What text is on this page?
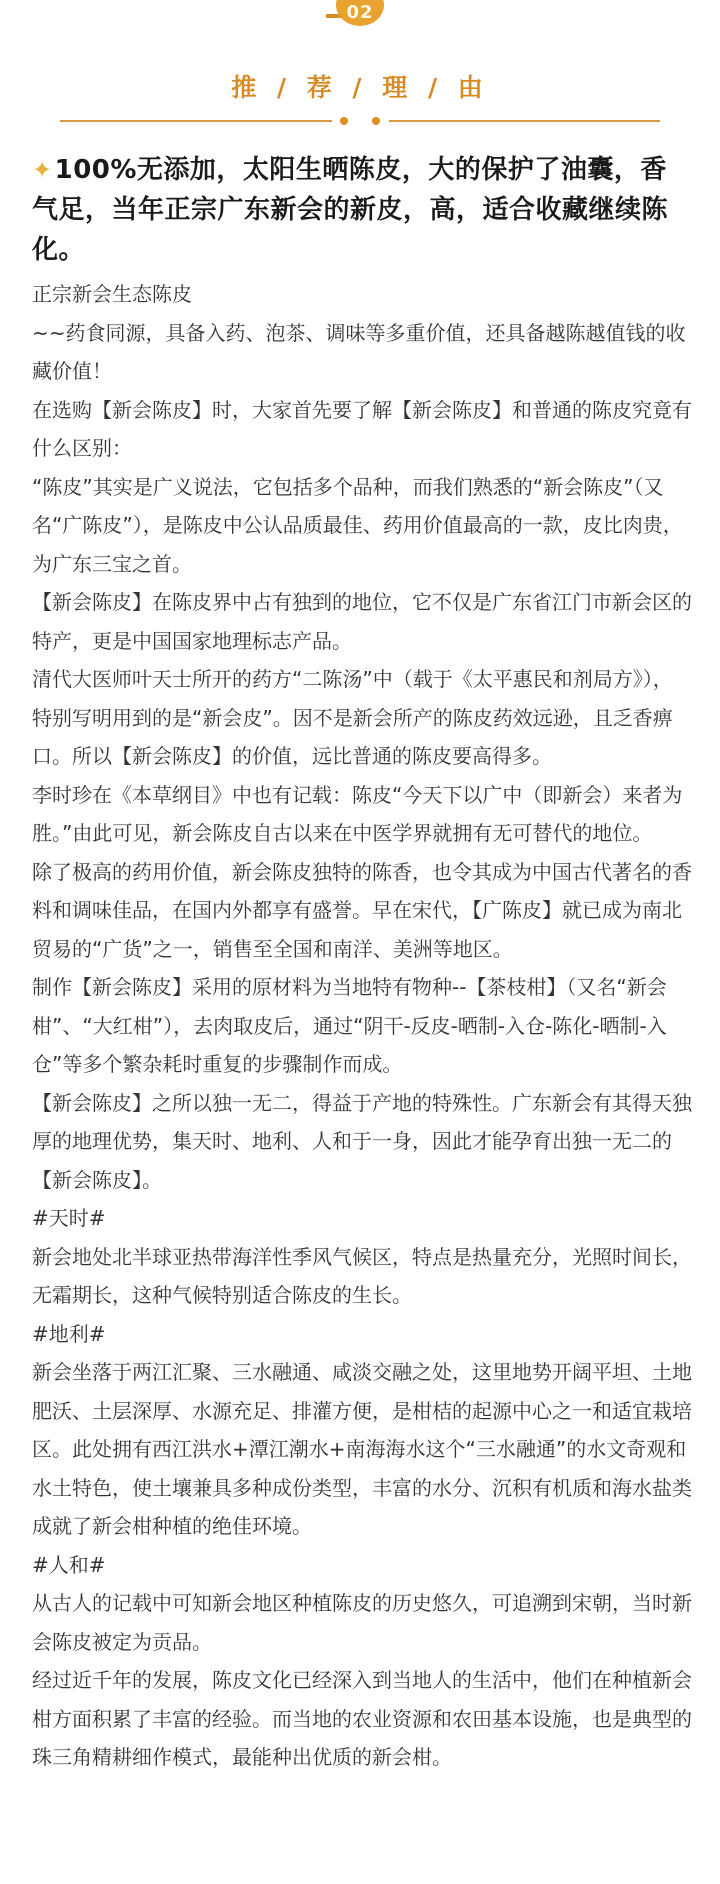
02
推 / 荐 / 理 / 由
✦100%无添加，太阳生晒陈皮，大的保护了油囊，香气足，当年正宗广东新会的新皮，高，适合收藏继续陈化。

正宗新会生态陈皮

~~药食同源，具备入药、泡茶、调味等多重价值，还具备越陈越值钱的收藏价值！

在选购【新会陈皮】时，大家首先要了解【新会陈皮】和普通的陈皮究竟有什么区别：

“陈皮”其实是广义说法，它包括多个品种，而我们熟悉的“新会陈皮”（又名“广陈皮”），是陈皮中公认品质最佳、药用价值最高的一款，皮比肉贵，为广东三宝之首。

【新会陈皮】在陈皮界中占有独到的地位，它不仅是广东省江门市新会区的特产，更是中国国家地理标志产品。

清代大医师叶天士所开的药方“二陈汤”中（载于《太平惠民和剂局方》），特别写明用到的是“新会皮”。因不是新会所产的陈皮药效远逊，且乏香痹口。所以【新会陈皮】的价值，远比普通的陈皮要高得多。

李时珍在《本草纲目》中也有记载：陈皮“今天下以广中（即新会）来者为胜。”由此可见，新会陈皮自古以来在中医学界就拥有无可替代的地位。

除了极高的药用价值，新会陈皮独特的陈香，也令其成为中国古代著名的香料和调味佳品，在国内外都享有盛誉。早在宋代，【广陈皮】就已成为南北贸易的“广货”之一，销售至全国和南洋、美洲等地区。

制作【新会陈皮】采用的原材料为当地特有物种--【茶枝柑】（又名“新会柑”、“大红柑”），去肉取皮后，通过“阴干-反皮-晒制-入仓-陈化-晒制-入仓”等多个繁杂耗时重复的步骤制作而成。

【新会陈皮】之所以独一无二，得益于产地的特殊性。广东新会有其得天独厚的地理优势，集天时、地利、人和于一身，因此才能孕育出独一无二的【新会陈皮】。

#天时#

新会地处北半球亚热带海洋性季风气候区，特点是热量充分，光照时间长，无霜期长，这种气候特别适合陈皮的生长。

#地利#

新会坐落于两江汇聚、三水融通、咸淡交融之处，这里地势开阔平坦、土地肥沃、土层深厚、水源充足、排灌方便，是柑桔的起源中心之一和适宜栽培区。此处拥有西江洪水+潭江潮水+南海海水这个“三水融通”的水文奇观和水土特色，使土壤兼具多种成份类型，丰富的水分、沉积有机质和海水盐类成就了新会柑种植的绝佳环境。

#人和#

从古人的记载中可知新会地区种植陈皮的历史悠久，可追溯到宋朝，当时新会陈皮被定为贡品。

经过近千年的发展，陈皮文化已经深入到当地人的生活中，他们在种植新会柑方面积累了丰富的经验。而当地的农业资源和农田基本设施，也是典型的珠三角精耕细作模式，最能种出优质的新会柑。
